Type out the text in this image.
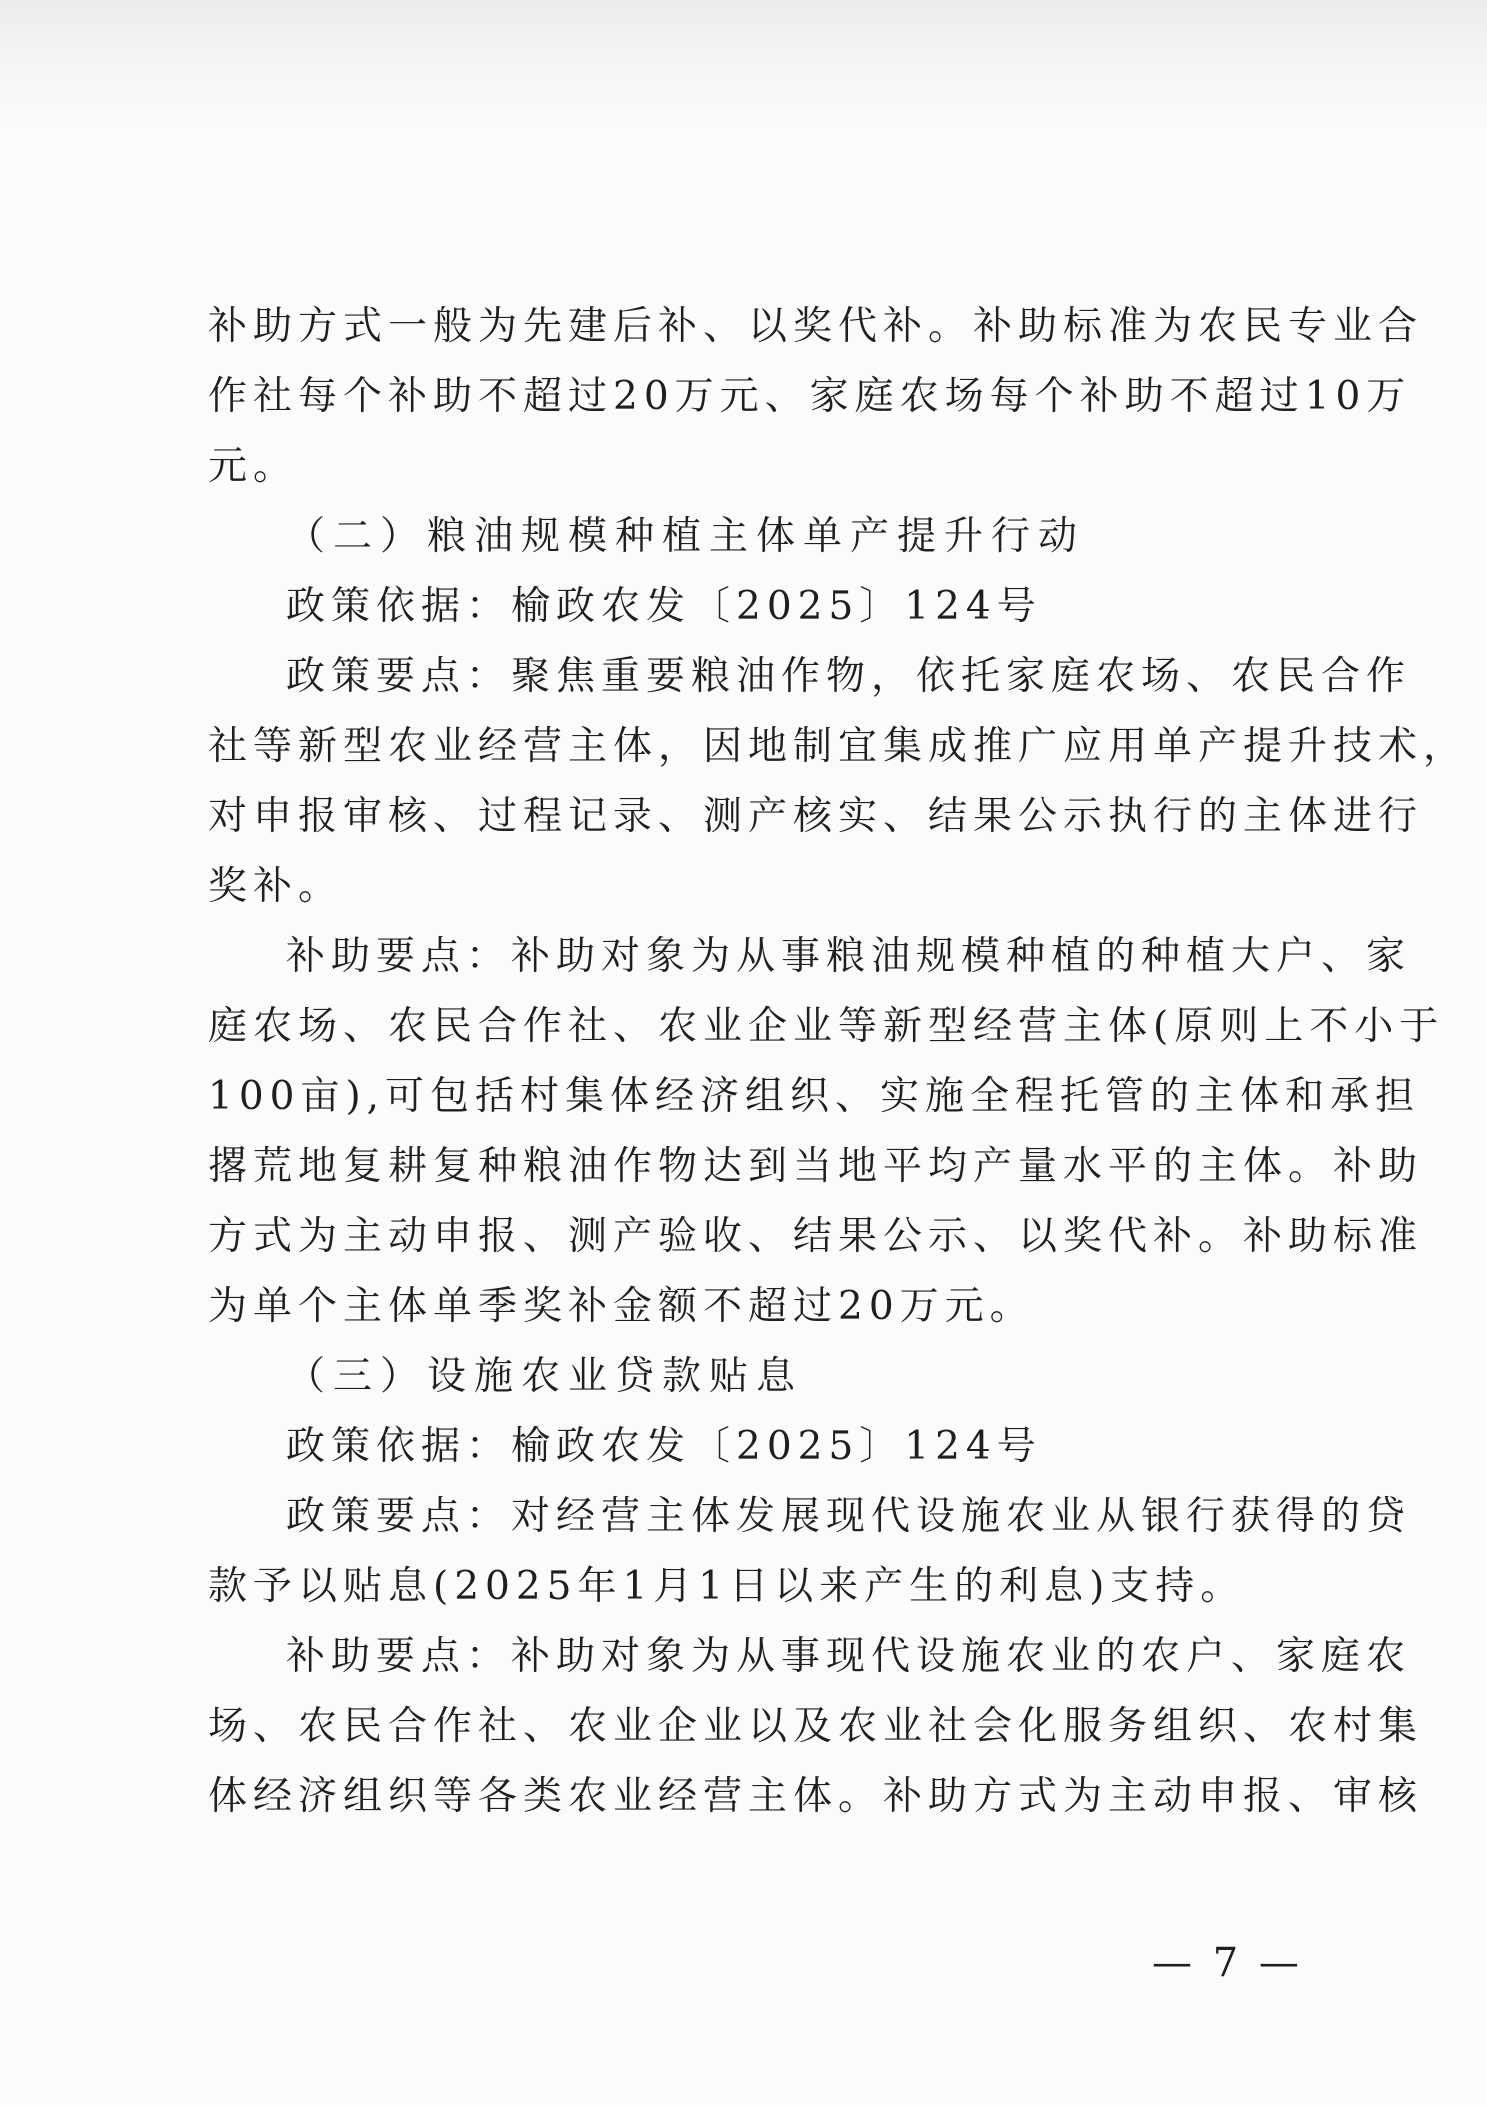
补助方式一般为先建后补、以奖代补。补助标准为农民专业合
作社每个补助不超过20万元、家庭农场每个补助不超过10万
元。
（二）粮油规模种植主体单产提升行动
政策依据：榆政农发〔2025〕124号
政策要点：聚焦重要粮油作物，依托家庭农场、农民合作
社等新型农业经营主体，因地制宜集成推广应用单产提升技术，
对申报审核、过程记录、测产核实、结果公示执行的主体进行
奖补。
补助要点：补助对象为从事粮油规模种植的种植大户、家
庭农场、农民合作社、农业企业等新型经营主体(原则上不小于
100亩),可包括村集体经济组织、实施全程托管的主体和承担
撂荒地复耕复种粮油作物达到当地平均产量水平的主体。补助
方式为主动申报、测产验收、结果公示、以奖代补。补助标准
为单个主体单季奖补金额不超过20万元。
（三）设施农业贷款贴息
政策依据：榆政农发〔2025〕124号
政策要点：对经营主体发展现代设施农业从银行获得的贷
款予以贴息(2025年1月1日以来产生的利息)支持。
补助要点：补助对象为从事现代设施农业的农户、家庭农
场、农民合作社、农业企业以及农业社会化服务组织、农村集
体经济组织等各类农业经营主体。补助方式为主动申报、审核
— 7 —
